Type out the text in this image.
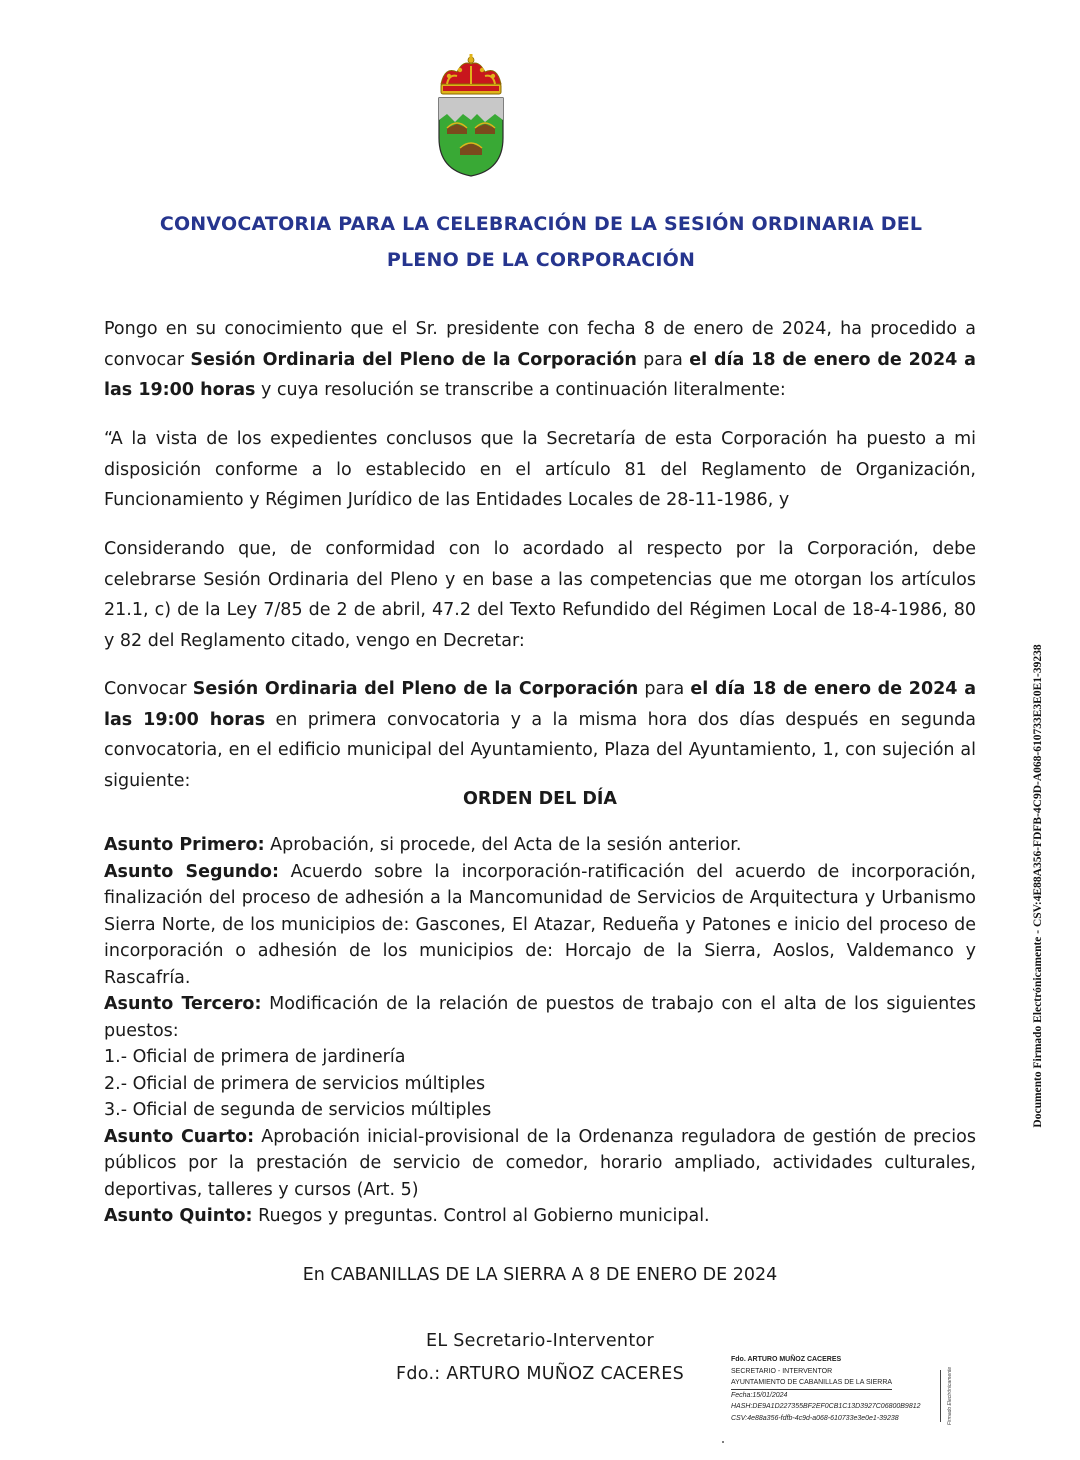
CONVOCATORIA PARA LA CELEBRACIÓN DE LA SESIÓN ORDINARIA DEL
PLENO DE LA CORPORACIÓN
Pongo en su conocimiento que el Sr. presidente con fecha 8 de enero de 2024, ha procedido a convocar Sesión Ordinaria del Pleno de la Corporación para el día 18 de enero de 2024 a las 19:00 horas y cuya resolución se transcribe a continuación literalmente:
“A la vista de los expedientes conclusos que la Secretaría de esta Corporación ha puesto a mi disposición conforme a lo establecido en el artículo 81 del Reglamento de Organización, Funcionamiento y Régimen Jurídico de las Entidades Locales de 28-11-1986, y
Considerando que, de conformidad con lo acordado al respecto por la Corporación, debe celebrarse Sesión Ordinaria del Pleno y en base a las competencias que me otorgan los artículos 21.1, c) de la Ley 7/85 de 2 de abril, 47.2 del Texto Refundido del Régimen Local de 18-4-1986, 80 y 82 del Reglamento citado, vengo en Decretar:
Convocar Sesión Ordinaria del Pleno de la Corporación para el día 18 de enero de 2024 a las 19:00 horas en primera convocatoria y a la misma hora dos días después en segunda convocatoria, en el edificio municipal del Ayuntamiento, Plaza del Ayuntamiento, 1, con sujeción al siguiente:
ORDEN DEL DÍA
Asunto Primero: Aprobación, si procede, del Acta de la sesión anterior.
Asunto Segundo: Acuerdo sobre la incorporación-ratificación del acuerdo de incorporación, finalización del proceso de adhesión a la Mancomunidad de Servicios de Arquitectura y Urbanismo Sierra Norte, de los municipios de: Gascones, El Atazar, Redueña y Patones e inicio del proceso de incorporación o adhesión de los municipios de: Horcajo de la Sierra, Aoslos, Valdemanco y Rascafría.
Asunto Tercero: Modificación de la relación de puestos de trabajo con el alta de los siguientes puestos:
1.- Oficial de primera de jardinería
2.- Oficial de primera de servicios múltiples
3.- Oficial de segunda de servicios múltiples
Asunto Cuarto: Aprobación inicial-provisional de la Ordenanza reguladora de gestión de precios públicos por la prestación de servicio de comedor, horario ampliado, actividades culturales, deportivas, talleres y cursos (Art. 5)
Asunto Quinto: Ruegos y preguntas. Control al Gobierno municipal.
En CABANILLAS DE LA SIERRA A 8 DE ENERO DE 2024
EL Secretario-Interventor
Fdo.: ARTURO MUÑOZ CACERES
Fdo. ARTURO MUÑOZ CACERES
SECRETARIO - INTERVENTOR
AYUNTAMIENTO DE CABANILLAS DE LA SIERRA
Fecha:15/01/2024
HASH:DE9A1D227355BF2EF0CB1C13D3927C06800B9812
CSV:4e88a356-fdfb-4c9d-a068-610733e3e0e1-39238	Firmado Electrónicamente
Documento Firmado Electrónicamente - CSV:4E88A356-FDFB-4C9D-A068-610733E3E0E1-39238
